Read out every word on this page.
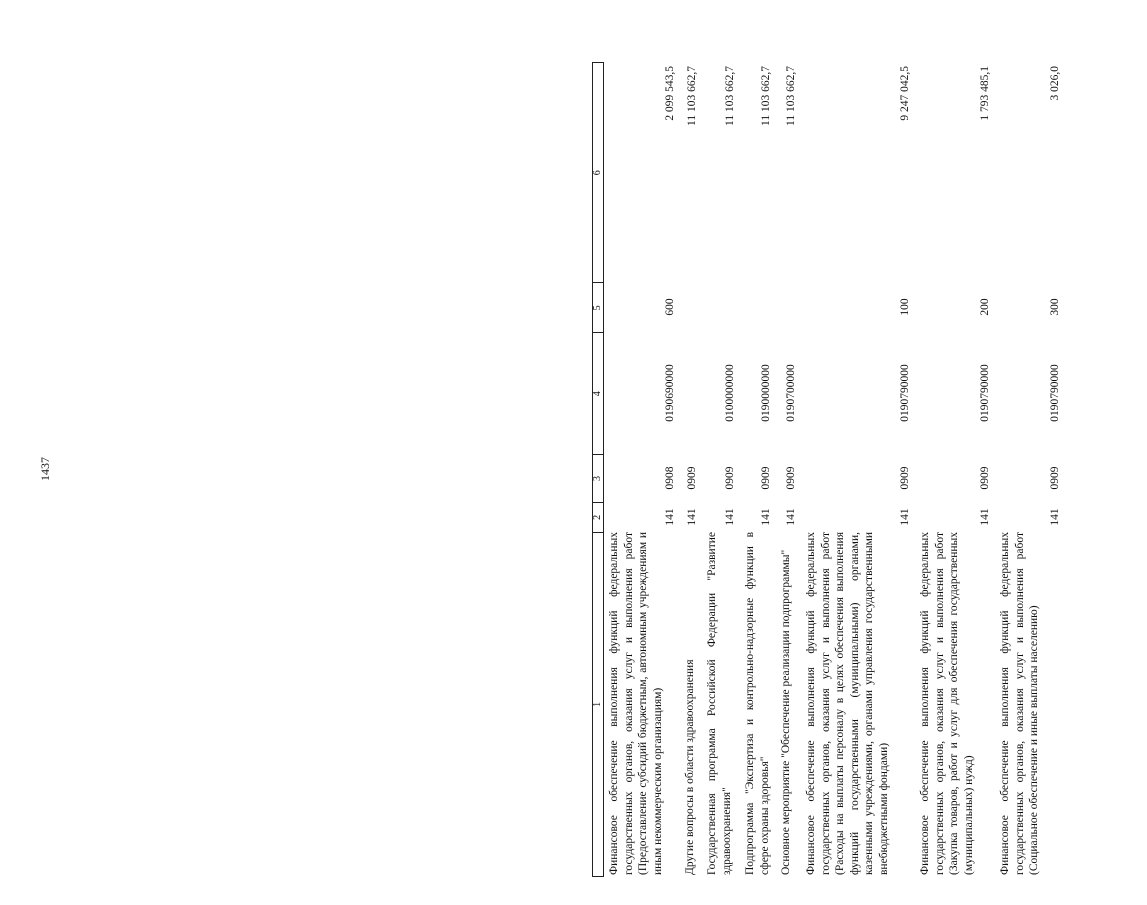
1437
1
2
3
4
5
6
Финансовое обеспечение выполнения функций федеральных государственных органов, оказания услуг и выполнения работ (Предоставление субсидий бюджетным, автономным учреждениям и иным некоммерческим организациям)
141
0908
0190690000
600
2 099 543,5
Другие вопросы в области здравоохранения
141
0909
11 103 662,7
Государственная программа Российской Федерации "Развитие здравоохранения"
141
0909
0100000000
11 103 662,7
Подпрограмма "Экспертиза и контрольно-надзорные функции в сфере охраны здоровья"
141
0909
0190000000
11 103 662,7
Основное мероприятие "Обеспечение реализации подпрограммы"
141
0909
0190700000
11 103 662,7
Финансовое обеспечение выполнения функций федеральных государственных органов, оказания услуг и выполнения работ (Расходы на выплаты персоналу в целях обеспечения выполнения функций государственными (муниципальными) органами, казенными учреждениями, органами управления государственными внебюджетными фондами)
141
0909
0190790000
100
9 247 042,5
Финансовое обеспечение выполнения функций федеральных государственных органов, оказания услуг и выполнения работ (Закупка товаров, работ и услуг для обеспечения государственных (муниципальных) нужд)
141
0909
0190790000
200
1 793 485,1
Финансовое обеспечение выполнения функций федеральных государственных органов, оказания услуг и выполнения работ (Социальное обеспечение и иные выплаты населению)
141
0909
0190790000
300
3 026,0
